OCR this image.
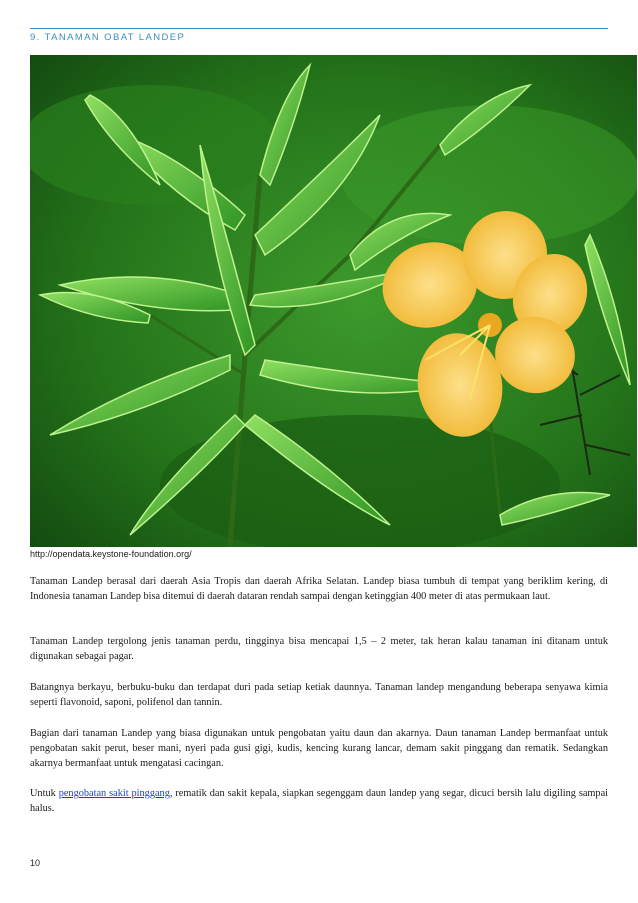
9. TANAMAN OBAT LANDEP
http://opendata.keystone-foundation.org/

Tanaman Landep berasal dari daerah Asia Tropis dan daerah Afrika Selatan. Landep biasa tumbuh di tempat yang beriklim kering, di Indonesia tanaman Landep bisa ditemui di daerah dataran rendah sampai dengan ketinggian 400 meter di atas permukaan laut.

Tanaman Landep tergolong jenis tanaman perdu, tingginya bisa mencapai 1,5 – 2 meter, tak heran kalau tanaman ini ditanam untuk digunakan sebagai pagar.

Batangnya berkayu, berbuku-buku dan terdapat duri pada setiap ketiak daunnya. Tanaman landep mengandung beberapa senyawa kimia seperti flavonoid, saponi, polifenol dan tannin.

Bagian dari tanaman Landep yang biasa digunakan untuk pengobatan yaitu daun dan akarnya. Daun tanaman Landep bermanfaat untuk pengobatan sakit perut, beser mani, nyeri pada gusi gigi, kudis, kencing kurang lancar, demam sakit pinggang dan rematik. Sedangkan akarnya bermanfaat untuk mengatasi cacingan.

Untuk pengobatan sakit pinggang, rematik dan sakit kepala, siapkan segenggam daun landep yang segar, dicuci bersih lalu digiling sampai halus.

10
